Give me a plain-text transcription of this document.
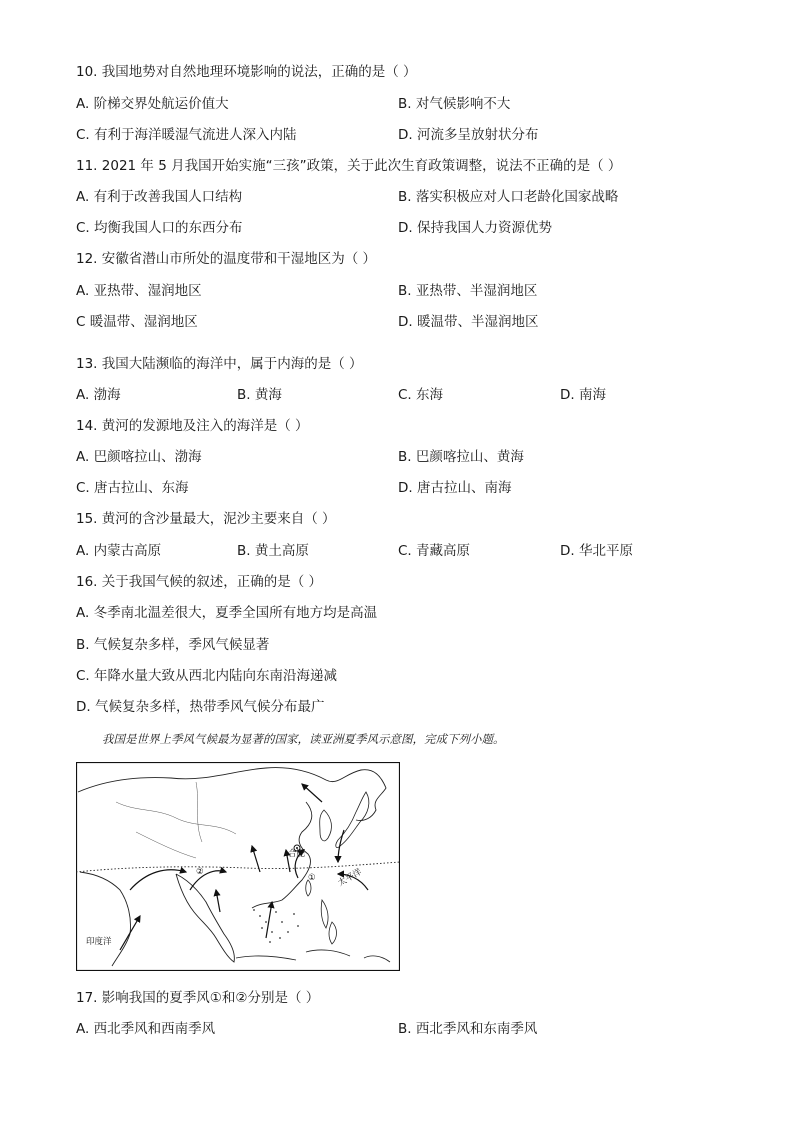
10. 我国地势对自然地理环境影响的说法，正确的是（ ）
A. 阶梯交界处航运价值大	B. 对气候影响不大
C. 有利于海洋暖湿气流进人深入内陆	D. 河流多呈放射状分布
11. 2021 年 5 月我国开始实施“三孩”政策，关于此次生育政策调整，说法不正确的是（ ）
A. 有利于改善我国人口结构	B. 落实积极应对人口老龄化国家战略
C. 均衡我国人口的东西分布	D. 保持我国人力资源优势
12. 安徽省潜山市所处的温度带和干湿地区为（ ）
A. 亚热带、湿润地区	B. 亚热带、半湿润地区
C 暖温带、湿润地区	D. 暖温带、半湿润地区
13. 我国大陆濒临的海洋中，属于内海的是（ ）
A. 渤海	B. 黄海	C. 东海	D. 南海
14. 黄河的发源地及注入的海洋是（ ）
A. 巴颜喀拉山、渤海	B. 巴颜喀拉山、黄海
C. 唐古拉山、东海	D. 唐古拉山、南海
15. 黄河的含沙量最大，泥沙主要来自（ ）
A. 内蒙古高原	B. 黄土高原	C. 青藏高原	D. 华北平原
16. 关于我国气候的叙述，正确的是（ ）
A. 冬季南北温差很大，夏季全国所有地方均是高温
B. 气候复杂多样，季风气候显著
C. 年降水量大致从西北内陆向东南沿海递减
D. 气候复杂多样，热带季风气候分布最广
我国是世界上季风气候最为显著的国家，读亚洲夏季风示意图，完成下列小题。
合肥
①
②	太平洋
印度洋
17. 影响我国的夏季风①和②分别是（ ）
A. 西北季风和西南季风	B. 西北季风和东南季风
